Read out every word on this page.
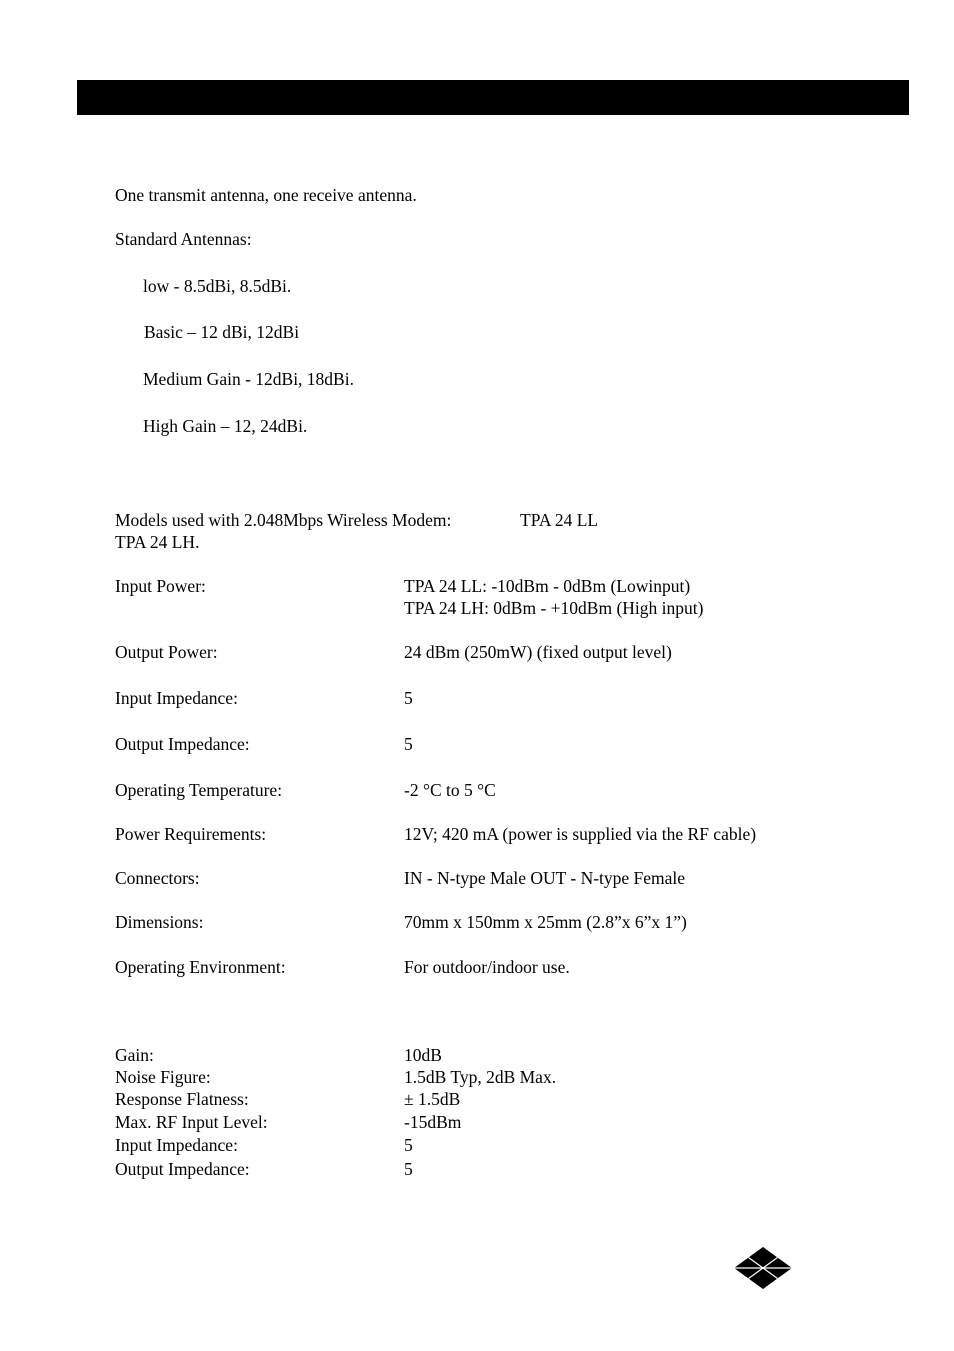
One transmit antenna, one receive antenna.
Standard Antennas:
low - 8.5dBi, 8.5dBi.
Basic – 12 dBi, 12dBi
Medium Gain - 12dBi, 18dBi.
High Gain – 12, 24dBi.
Models used with 2.048Mbps Wireless Modem:	TPA 24 LL
TPA 24 LH.
Input Power:	TPA 24 LL: -10dBm - 0dBm (Lowinput)
TPA 24 LH: 0dBm - +10dBm (High input)
Output Power:	24 dBm (250mW) (fixed output level)
Input Impedance:	5
Output Impedance:	5
Operating Temperature:	-2 °C to 5 °C
Power Requirements:	12V; 420 mA (power is supplied via the RF cable)
Connectors:	IN - N-type Male OUT - N-type Female
Dimensions:	70mm x 150mm x 25mm (2.8”x 6”x 1”)
Operating Environment:	For outdoor/indoor use.
Gain:	10dB
Noise Figure:	1.5dB Typ, 2dB Max.
Response Flatness:	± 1.5dB
Max. RF Input Level:	-15dBm
Input Impedance:	5
Output Impedance:	5
